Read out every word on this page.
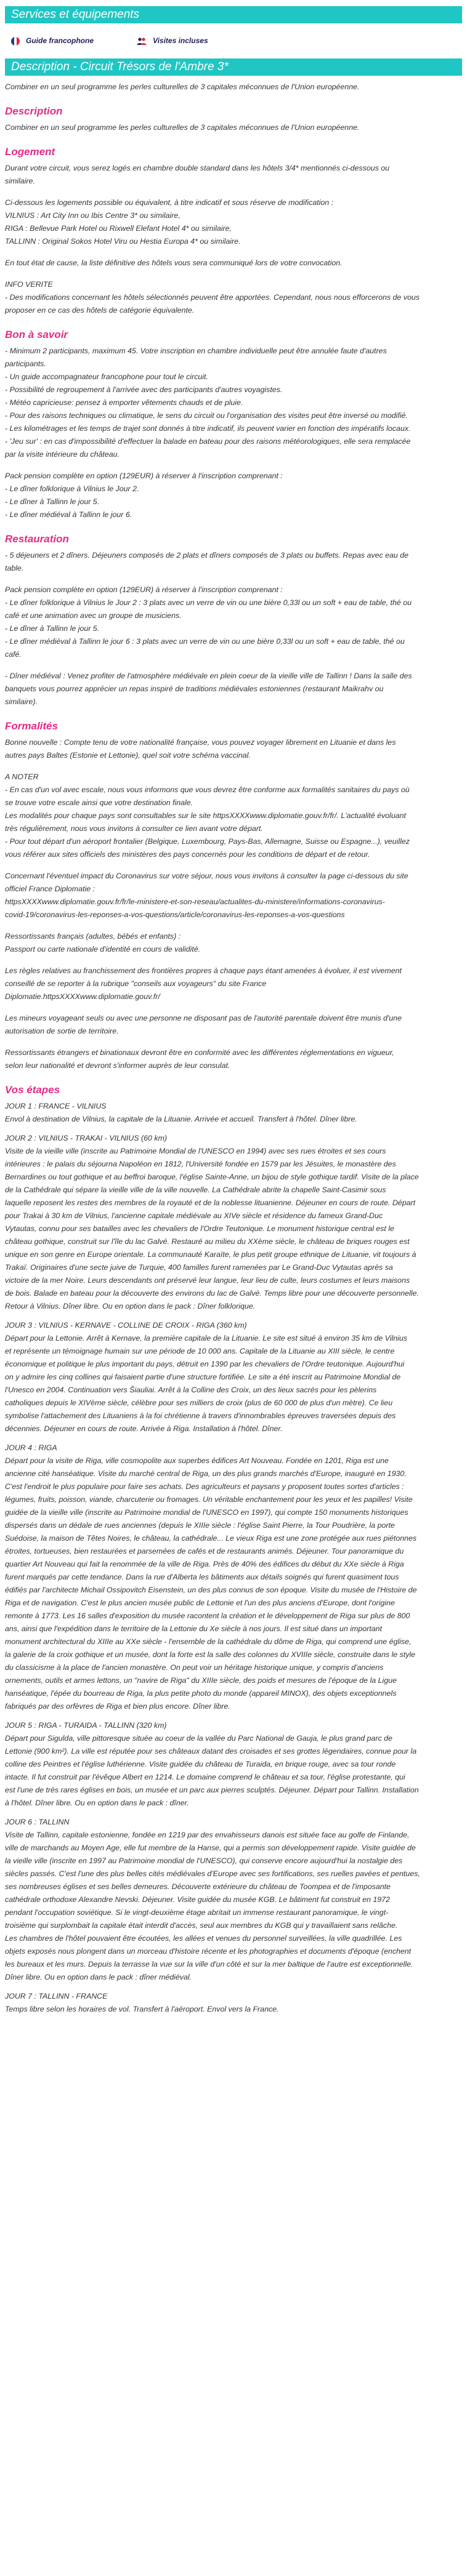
Services et équipements
Guide francophone	Visites incluses
Description - Circuit Trésors de l'Ambre 3*

Combiner en un seul programme les perles culturelles de 3 capitales méconnues de l'Union européenne.

Description

Combiner en un seul programme les perles culturelles de 3 capitales méconnues de l'Union européenne.

Logement

Durant votre circuit, vous serez logés en chambre double standard dans les hôtels 3/4* mentionnés ci-dessous ou
similaire.

Ci-dessous les logements possible ou équivalent, à titre indicatif et sous réserve de modification :
VILNIUS : Art City Inn ou Ibis Centre 3* ou similaire,
RIGA : Bellevue Park Hotel ou Rixwell Elefant Hotel 4* ou similaire,
TALLINN : Original Sokos Hotel Viru ou Hestia Europa 4* ou similaire.

En tout état de cause, la liste définitive des hôtels vous sera communiqué lors de votre convocation.

INFO VERITE
- Des modifications concernant les hôtels sélectionnés peuvent être apportées. Cependant, nous nous efforcerons de vous
proposer en ce cas des hôtels de catégorie équivalente.

Bon à savoir

- Minimum 2 participants, maximum 45. Votre inscription en chambre individuelle peut être annulée faute d'autres
participants.
- Un guide accompagnateur francophone pour tout le circuit.
- Possibilité de regroupement à l'arrivée avec des participants d'autres voyagistes.
- Météo capricieuse: pensez à emporter vêtements chauds et de pluie.
- Pour des raisons techniques ou climatique, le sens du circuit ou l'organisation des visites peut être inversé ou modifié.
- Les kilométrages et les temps de trajet sont donnés à titre indicatif, ils peuvent varier en fonction des impératifs locaux.
- 'Jeu sur' : en cas d'impossibilité d'effectuer la balade en bateau pour des raisons météorologiques, elle sera remplacée
par la visite intérieure du château.

Pack pension complète en option (129EUR) à réserver à l'inscription comprenant :
- Le dîner folklorique à Vilnius le Jour 2.
- Le dîner à Tallinn le jour 5.
- Le dîner médiéval à Tallinn le jour 6.

Restauration

- 5 déjeuners et 2 dîners. Déjeuners composés de 2 plats et dîners composés de 3 plats ou buffets. Repas avec eau de
table.

Pack pension complète en option (129EUR) à réserver à l'inscription comprenant :
- Le dîner folklorique à Vilnius le Jour 2 : 3 plats avec un verre de vin ou une bière 0,33l ou un soft + eau de table, thé ou
café et une animation avec un groupe de musiciens.
- Le dîner à Tallinn le jour 5.
- Le dîner médiéval à Tallinn le jour 6 : 3 plats avec un verre de vin ou une bière 0,33l ou un soft + eau de table, thé ou
café.

- Dîner médiéval : Venez profiter de l'atmosphère médiévale en plein coeur de la vieille ville de Tallinn ! Dans la salle des
banquets vous pourrez apprécier un repas inspiré de traditions médiévales estoniennes (restaurant Maikrahv ou
similaire).

Formalités

Bonne nouvelle : Compte tenu de votre nationalité française, vous pouvez voyager librement en Lituanie et dans les
autres pays Baltes (Estonie et Lettonie), quel soit votre schéma vaccinal.

A NOTER
- En cas d'un vol avec escale, nous vous informons que vous devrez être conforme aux formalités sanitaires du pays où
se trouve votre escale ainsi que votre destination finale.
Les modalités pour chaque pays sont consultables sur le site httpsXXXXwww.diplomatie.gouv.fr/fr/. L'actualité évoluant
très régulièrement, nous vous invitons à consulter ce lien avant votre départ.
- Pour tout départ d'un aéroport frontalier (Belgique, Luxembourg, Pays-Bas, Allemagne, Suisse ou Espagne...), veuillez
vous référer aux sites officiels des ministères des pays concernés pour les conditions de départ et de retour.

Concernant l'éventuel impact du Coronavirus sur votre séjour, nous vous invitons à consulter la page ci-dessous du site
officiel France Diplomatie :
httpsXXXXwww.diplomatie.gouv.fr/fr/le-ministere-et-son-reseau/actualites-du-ministere/informations-coronavirus-
covid-19/coronavirus-les-reponses-a-vos-questions/article/coronavirus-les-reponses-a-vos-questions

Ressortissants français (adultes, bébés et enfants) :
Passport ou carte nationale d'identité en cours de validité.

Les règles relatives au franchissement des frontières propres à chaque pays étant amenées à évoluer, il est vivement
conseillé de se reporter à la rubrique "conseils aux voyageurs" du site France
Diplomatie.httpsXXXXwww.diplomatie.gouv.fr/

Les mineurs voyageant seuls ou avec une personne ne disposant pas de l'autorité parentale doivent être munis d'une
autorisation de sortie de territoire.

Ressortissants étrangers et binationaux devront être en conformité avec les différentes réglementations en vigueur,
selon leur nationalité et devront s'informer auprès de leur consulat.

Vos étapes
JOUR 1 : FRANCE - VILNIUS
Envol à destination de Vilnius, la capitale de la Lituanie. Arrivée et accueil. Transfert à l'hôtel. Dîner libre.
JOUR 2 : VILNIUS - TRAKAI - VILNIUS (60 km)
Visite de la vieille ville (inscrite au Patrimoine Mondial de l'UNESCO en 1994) avec ses rues étroites et ses cours
intérieures : le palais du séjourna Napoléon en 1812, l'Université fondée en 1579 par les Jésuites, le monastère des
Bernardines ou tout gothique et au beffroi baroque, l'église Sainte-Anne, un bijou de style gothique tardif. Visite de la place
de la Cathédrale qui sépare la vieille ville de la ville nouvelle. La Cathédrale abrite la chapelle Saint-Casimir sous
laquelle reposent les restes des membres de la royauté et de la noblesse lituanienne. Déjeuner en cours de route. Départ
pour Trakai à 30 km de Vilnius, l'ancienne capitale médiévale au XIVe siècle et résidence du fameux Grand-Duc
Vytautas, connu pour ses batailles avec les chevaliers de l'Ordre Teutonique. Le monument historique central est le
château gothique, construit sur l'île du lac Galvé. Restauré au milieu du XXème siècle, le château de briques rouges est
unique en son genre en Europe orientale. La communauté Karaïte, le plus petit groupe ethnique de Lituanie, vit toujours à
Trakaï. Originaires d'une secte juive de Turquie, 400 familles furent ramenées par Le Grand-Duc Vytautas après sa
victoire de la mer Noire. Leurs descendants ont préservé leur langue, leur lieu de culte, leurs costumes et leurs maisons
de bois. Balade en bateau pour la découverte des environs du lac de Galvé. Temps libre pour une découverte personnelle.
Retour à Vilnius. Dîner libre. Ou en option dans le pack : Dîner folklorique.
JOUR 3 : VILNIUS - KERNAVE - COLLINE DE CROIX - RIGA (360 km)
Départ pour la Lettonie. Arrêt à Kernave, la première capitale de la Lituanie. Le site est situé à environ 35 km de Vilnius
et représente un témoignage humain sur une période de 10 000 ans. Capitale de la Lituanie au XIII siècle, le centre
économique et politique le plus important du pays, détruit en 1390 par les chevaliers de l'Ordre teutonique. Aujourd'hui
on y admire les cinq collines qui faisaient partie d'une structure fortifiée. Le site a été inscrit au Patrimoine Mondial de
l'Unesco en 2004. Continuation vers Šiauliai. Arrêt à la Colline des Croix, un des lieux sacrés pour les pèlerins
catholiques depuis le XIVème siècle, célèbre pour ses milliers de croix (plus de 60 000 de plus d'un mètre). Ce lieu
symbolise l'attachement des Lituaniens à la foi chrétienne à travers d'innombrables épreuves traversées depuis des
décennies. Déjeuner en cours de route. Arrivée à Riga. Installation à l'hôtel. Dîner.
JOUR 4 : RIGA
Départ pour la visite de Riga, ville cosmopolite aux superbes édifices Art Nouveau. Fondée en 1201, Riga est une
ancienne cité hanséatique. Visite du marché central de Riga, un des plus grands marchés d'Europe, inauguré en 1930.
C'est l'endroit le plus populaire pour faire ses achats. Des agriculteurs et paysans y proposent toutes sortes d'articles :
légumes, fruits, poisson, viande, charcuterie ou fromages. Un véritable enchantement pour les yeux et les papilles! Visite
guidée de la vieille ville (inscrite au Patrimoine mondial de l'UNESCO en 1997), qui compte 150 monuments historiques
dispersés dans un dédale de rues anciennes (depuis le XIIIe siècle : l'église Saint Pierre, la Tour Poudrière, la porte
Suédoise, la maison de Têtes Noires, le château, la cathédrale... Le vieux Riga est une zone protégée aux rues piétonnes
étroites, tortueuses, bien restaurées et parsemées de cafés et de restaurants animés. Déjeuner. Tour panoramique du
quartier Art Nouveau qui fait la renommée de la ville de Riga. Près de 40% des édifices du début du XXe siècle à Riga
furent marqués par cette tendance. Dans la rue d'Alberta les bâtiments aux détails soignés qui furent quasiment tous
édifiés par l'architecte Michail Ossipovitch Eisenstein, un des plus connus de son époque. Visite du musée de l'Histoire de
Riga et de navigation. C'est le plus ancien musée public de Lettonie et l'un des plus anciens d'Europe, dont l'origine
remonte à 1773. Les 16 salles d'exposition du musée racontent la création et le développement de Riga sur plus de 800
ans, ainsi que l'expédition dans le territoire de la Lettonie du Xe siècle à nos jours. Il est situé dans un important
monument architectural du XIIIe au XXe siècle - l'ensemble de la cathédrale du dôme de Riga, qui comprend une église,
la galerie de la croix gothique et un musée, dont la forte est la salle des colonnes du XVIIIe siècle, construite dans le style
du classicisme à la place de l'ancien monastère. On peut voir un héritage historique unique, y compris d'anciens
ornements, outils et armes lettons, un "navire de Riga" du XIIIe siècle, des poids et mesures de l'époque de la Ligue
hanséatique, l'épée du bourreau de Riga, la plus petite photo du monde (appareil MINOX), des objets exceptionnels
fabriqués par des orfèvres de Riga et bien plus encore. Dîner libre.
JOUR 5 : RIGA - TURAIDA - TALLINN (320 km)
Départ pour Sigulda, ville pittoresque située au coeur de la vallée du Parc National de Gauja, le plus grand parc de
Lettonie (900 km²). La ville est réputée pour ses châteaux datant des croisades et ses grottes légendaires, connue pour la
colline des Peintres et l'église luthérienne. Visite guidée du château de Turaida, en brique rouge, avec sa tour ronde
intacte. Il fut construit par l'évêque Albert en 1214. Le domaine comprend le château et sa tour, l'église protestante, qui
est l'une de très rares églises en bois, un musée et un parc aux pierres sculptés. Déjeuner. Départ pour Tallinn. Installation
à l'hôtel. Dîner libre. Ou en option dans le pack : dîner.
JOUR 6 : TALLINN
Visite de Tallinn, capitale estonienne, fondée en 1219 par des envahisseurs danois est située face au golfe de Finlande,
ville de marchands au Moyen Age, elle fut membre de la Hanse, qui a permis son développement rapide. Visite guidée de
la vieille ville (inscrite en 1997 au Patrimoine mondial de l'UNESCO), qui conserve encore aujourd'hui la nostalgie des
siècles passés. C'est l'une des plus belles cités médiévales d'Europe avec ses fortifications, ses ruelles pavées et pentues,
ses nombreuses églises et ses belles demeures. Découverte extérieure du château de Toompea et de l'imposante
cathédrale orthodoxe Alexandre Nevski. Déjeuner. Visite guidée du musée KGB. Le bâtiment fut construit en 1972
pendant l'occupation soviétique. Si le vingt-deuxième étage abritait un immense restaurant panoramique, le vingt-
troisième qui surplombait la capitale était interdit d'accès, seul aux membres du KGB qui y travaillaient sans relâche.
Les chambres de l'hôtel pouvaient être écoutées, les allées et venues du personnel surveillées, la ville quadrillée. Les
objets exposés nous plongent dans un morceau d'histoire récente et les photographies et documents d'époque (enchent
les bureaux et les murs. Depuis la terrasse la vue sur la ville d'un côté et sur la mer baltique de l'autre est exceptionnelle.
Dîner libre. Ou en option dans le pack : dîner médiéval.
JOUR 7 : TALLINN - FRANCE
Temps libre selon les horaires de vol. Transfert à l'aéroport. Envol vers la France.
